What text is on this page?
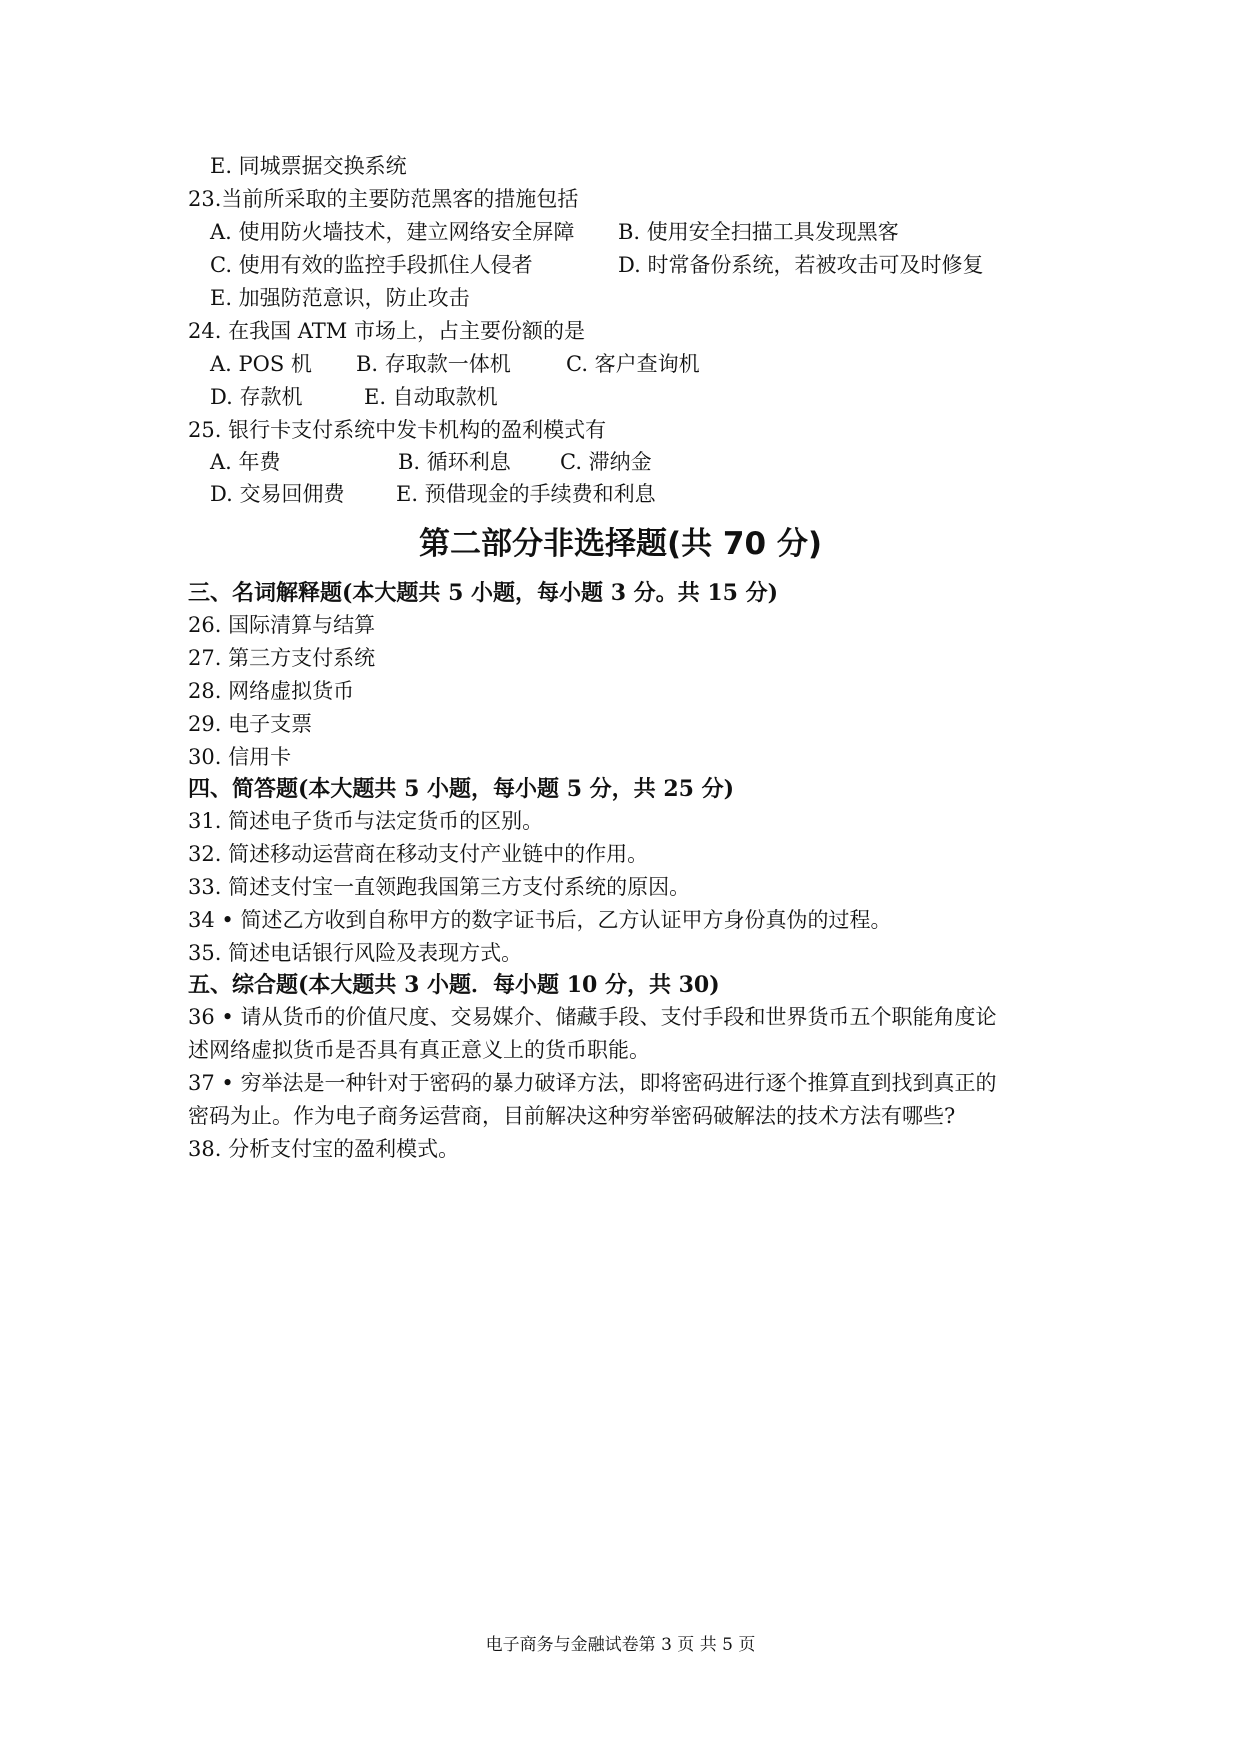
E. 同城票据交换系统
23.当前所采取的主要防范黑客的措施包括
A. 使用防火墙技术，建立网络安全屏障 B. 使用安全扫描工具发现黑客
C. 使用有效的监控手段抓住人侵者	D. 时常备份系统，若被攻击可及时修复
E. 加强防范意识，防止攻击
24. 在我国 ATM 市场上，占主要份额的是
A. POS 机 B. 存取款一体机	C. 客户查询机
D. 存款机	E. 自动取款机
25. 银行卡支付系统中发卡机构的盈利模式有
A. 年费	B. 循环利息 C. 滞纳金
D. 交易回佣费 E. 预借现金的手续费和利息
第二部分非选择题(共 70 分)
三、名词解释题(本大题共 5 小题，每小题 3 分。共 15 分)
26. 国际清算与结算
27. 第三方支付系统
28. 网络虚拟货币
29. 电子支票
30. 信用卡
四、简答题(本大题共 5 小题，每小题 5 分，共 25 分)
31. 简述电子货币与法定货币的区别。
32. 简述移动运营商在移动支付产业链中的作用。
33. 简述支付宝一直领跑我国第三方支付系统的原因。
34 • 简述乙方收到自称甲方的数字证书后，乙方认证甲方身份真伪的过程。
35. 简述电话银行风险及表现方式。
五、综合题(本大题共 3 小题．每小题 10 分，共 30)
36 • 请从货币的价值尺度、交易媒介、储藏手段、支付手段和世界货币五个职能角度论
述网络虚拟货币是否具有真正意义上的货币职能。
37 • 穷举法是一种针对于密码的暴力破译方法，即将密码进行逐个推算直到找到真正的
密码为止。作为电子商务运营商，目前解决这种穷举密码破解法的技术方法有哪些?
38. 分析支付宝的盈利模式。
电子商务与金融试卷第 3 页 共 5 页
